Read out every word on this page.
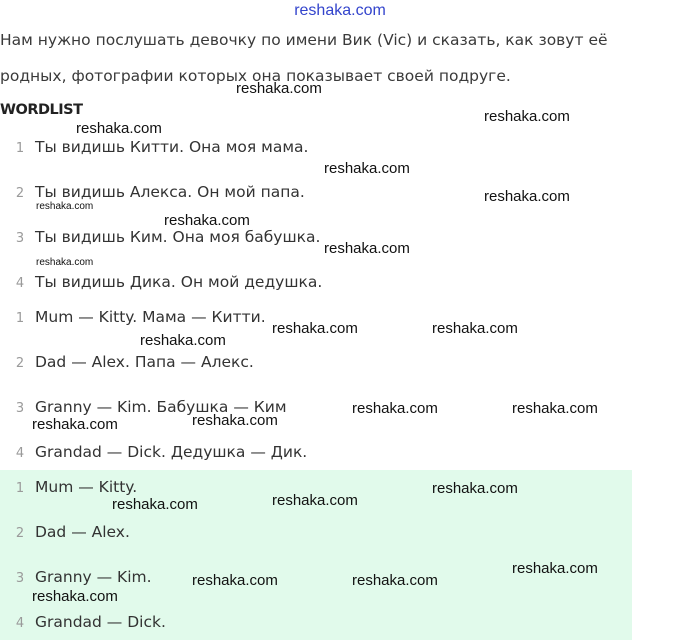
reshaka.com
Нам нужно послушать девочку по имени Вик (Vic) и сказать, как зовут её
родных, фотографии которых она показывает своей подруге.
WORDLIST
1 Ты видишь Китти. Она моя мама.
2 Ты видишь Алекса. Он мой папа.
3 Ты видишь Ким. Она моя бабушка.
4 Ты видишь Дика. Он мой дедушка.
1 Mum — Kitty. Мама — Китти.
2 Dad — Alex. Папа — Алекс.
3 Granny — Kim. Бабушка — Ким
4 Grandad — Dick. Дедушка — Дик.
1 Mum — Kitty.
2 Dad — Alex.
3 Granny — Kim.
4 Grandad — Dick.
reshaka.com
reshaka.com
reshaka.com
reshaka.com
reshaka.com
reshaka.com
reshaka.com
reshaka.com
reshaka.com
reshaka.com	reshaka.com
reshaka.com
reshaka.com	reshaka.com
reshaka.com
reshaka.com
reshaka.com
reshaka.com
reshaka.com
reshaka.com
reshaka.com	reshaka.com
reshaka.com
